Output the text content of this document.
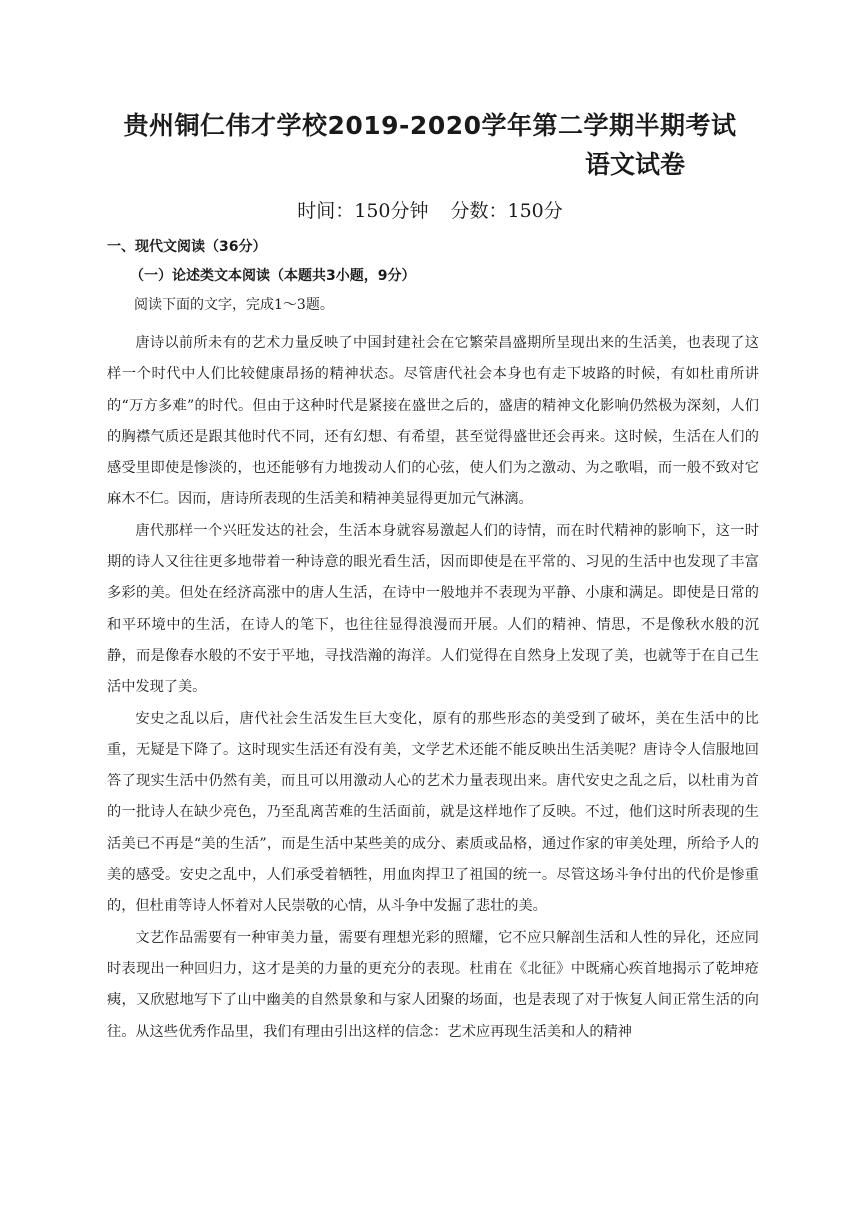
贵州铜仁伟才学校2019-2020学年第二学期半期考试
语文试卷
时间：150分钟 分数：150分
一、现代文阅读（36分）
（一）论述类文本阅读（本题共3小题，9分）
阅读下面的文字，完成1～3题。

唐诗以前所未有的艺术力量反映了中国封建社会在它繁荣昌盛期所呈现出来的生活美，也表现了这样一个时代中人们比较健康昂扬的精神状态。尽管唐代社会本身也有走下坡路的时候，有如杜甫所讲的“万方多难”的时代。但由于这种时代是紧接在盛世之后的，盛唐的精神文化影响仍然极为深刻，人们的胸襟气质还是跟其他时代不同，还有幻想、有希望，甚至觉得盛世还会再来。这时候，生活在人们的感受里即使是惨淡的，也还能够有力地拨动人们的心弦，使人们为之激动、为之歌唱，而一般不致对它麻木不仁。因而，唐诗所表现的生活美和精神美显得更加元气淋漓。

唐代那样一个兴旺发达的社会，生活本身就容易激起人们的诗情，而在时代精神的影响下，这一时期的诗人又往往更多地带着一种诗意的眼光看生活，因而即使是在平常的、习见的生活中也发现了丰富多彩的美。但处在经济高涨中的唐人生活，在诗中一般地并不表现为平静、小康和满足。即使是日常的和平环境中的生活，在诗人的笔下，也往往显得浪漫而开展。人们的精神、情思，不是像秋水般的沉静，而是像春水般的不安于平地，寻找浩瀚的海洋。人们觉得在自然身上发现了美，也就等于在自己生活中发现了美。

安史之乱以后，唐代社会生活发生巨大变化，原有的那些形态的美受到了破坏，美在生活中的比重，无疑是下降了。这时现实生活还有没有美，文学艺术还能不能反映出生活美呢？唐诗令人信服地回答了现实生活中仍然有美，而且可以用激动人心的艺术力量表现出来。唐代安史之乱之后，以杜甫为首的一批诗人在缺少亮色，乃至乱离苦难的生活面前，就是这样地作了反映。不过，他们这时所表现的生活美已不再是“美的生活”，而是生活中某些美的成分、素质或品格，通过作家的审美处理，所给予人的美的感受。安史之乱中，人们承受着牺牲，用血肉捍卫了祖国的统一。尽管这场斗争付出的代价是惨重的，但杜甫等诗人怀着对人民崇敬的心情，从斗争中发掘了悲壮的美。

文艺作品需要有一种审美力量，需要有理想光彩的照耀，它不应只解剖生活和人性的异化，还应同时表现出一种回归力，这才是美的力量的更充分的表现。杜甫在《北征》中既痛心疾首地揭示了乾坤疮痍，又欣慰地写下了山中幽美的自然景象和与家人团聚的场面，也是表现了对于恢复人间正常生活的向往。从这些优秀作品里，我们有理由引出这样的信念：艺术应再现生活美和人的精神
